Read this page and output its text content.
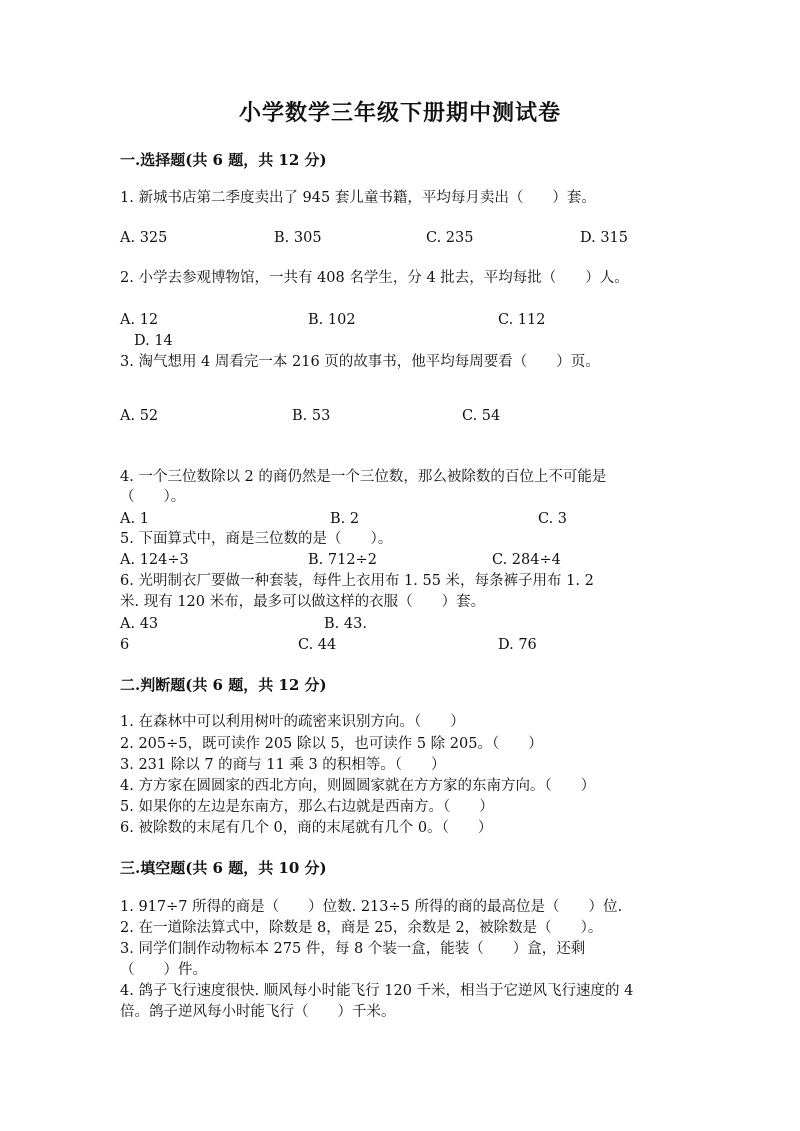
小学数学三年级下册期中测试卷
一.选择题(共 6 题，共 12 分)
1. 新城书店第二季度卖出了 945 套儿童书籍，平均每月卖出（　　）套。
A. 325	B. 305	C. 235	D. 315
2. 小学去参观博物馆，一共有 408 名学生，分 4 批去，平均每批（　　）人。
A. 12	B. 102	C. 112
D. 14
3. 淘气想用 4 周看完一本 216 页的故事书，他平均每周要看（　　）页。
A. 52	B. 53	C. 54
4. 一个三位数除以 2 的商仍然是一个三位数，那么被除数的百位上不可能是
（　　）。
A. 1	B. 2	C. 3
5. 下面算式中，商是三位数的是（　　）。
A. 124÷3	B. 712÷2	C. 284÷4
6. 光明制衣厂要做一种套装，每件上衣用布 1. 55 米，每条裤子用布 1. 2
米. 现有 120 米布，最多可以做这样的衣服（　　）套。
A. 43	B. 43.
6	C. 44	D. 76
二.判断题(共 6 题，共 12 分)
1. 在森林中可以利用树叶的疏密来识别方向。（　　）
2. 205÷5，既可读作 205 除以 5，也可读作 5 除 205。（　　）
3. 231 除以 7 的商与 11 乘 3 的积相等。（　　）
4. 方方家在圆圆家的西北方向，则圆圆家就在方方家的东南方向。（　　）
5. 如果你的左边是东南方，那么右边就是西南方。（　　）
6. 被除数的末尾有几个 0，商的末尾就有几个 0。（　　）
三.填空题(共 6 题，共 10 分)
1. 917÷7 所得的商是（　　）位数. 213÷5 所得的商的最高位是（　　）位.
2. 在一道除法算式中，除数是 8，商是 25，余数是 2，被除数是（　　）。
3. 同学们制作动物标本 275 件，每 8 个装一盒，能装（　　）盒，还剩
（　　）件。
4. 鸽子飞行速度很快. 顺风每小时能飞行 120 千米，相当于它逆风飞行速度的 4
倍。鸽子逆风每小时能飞行（　　）千米。
